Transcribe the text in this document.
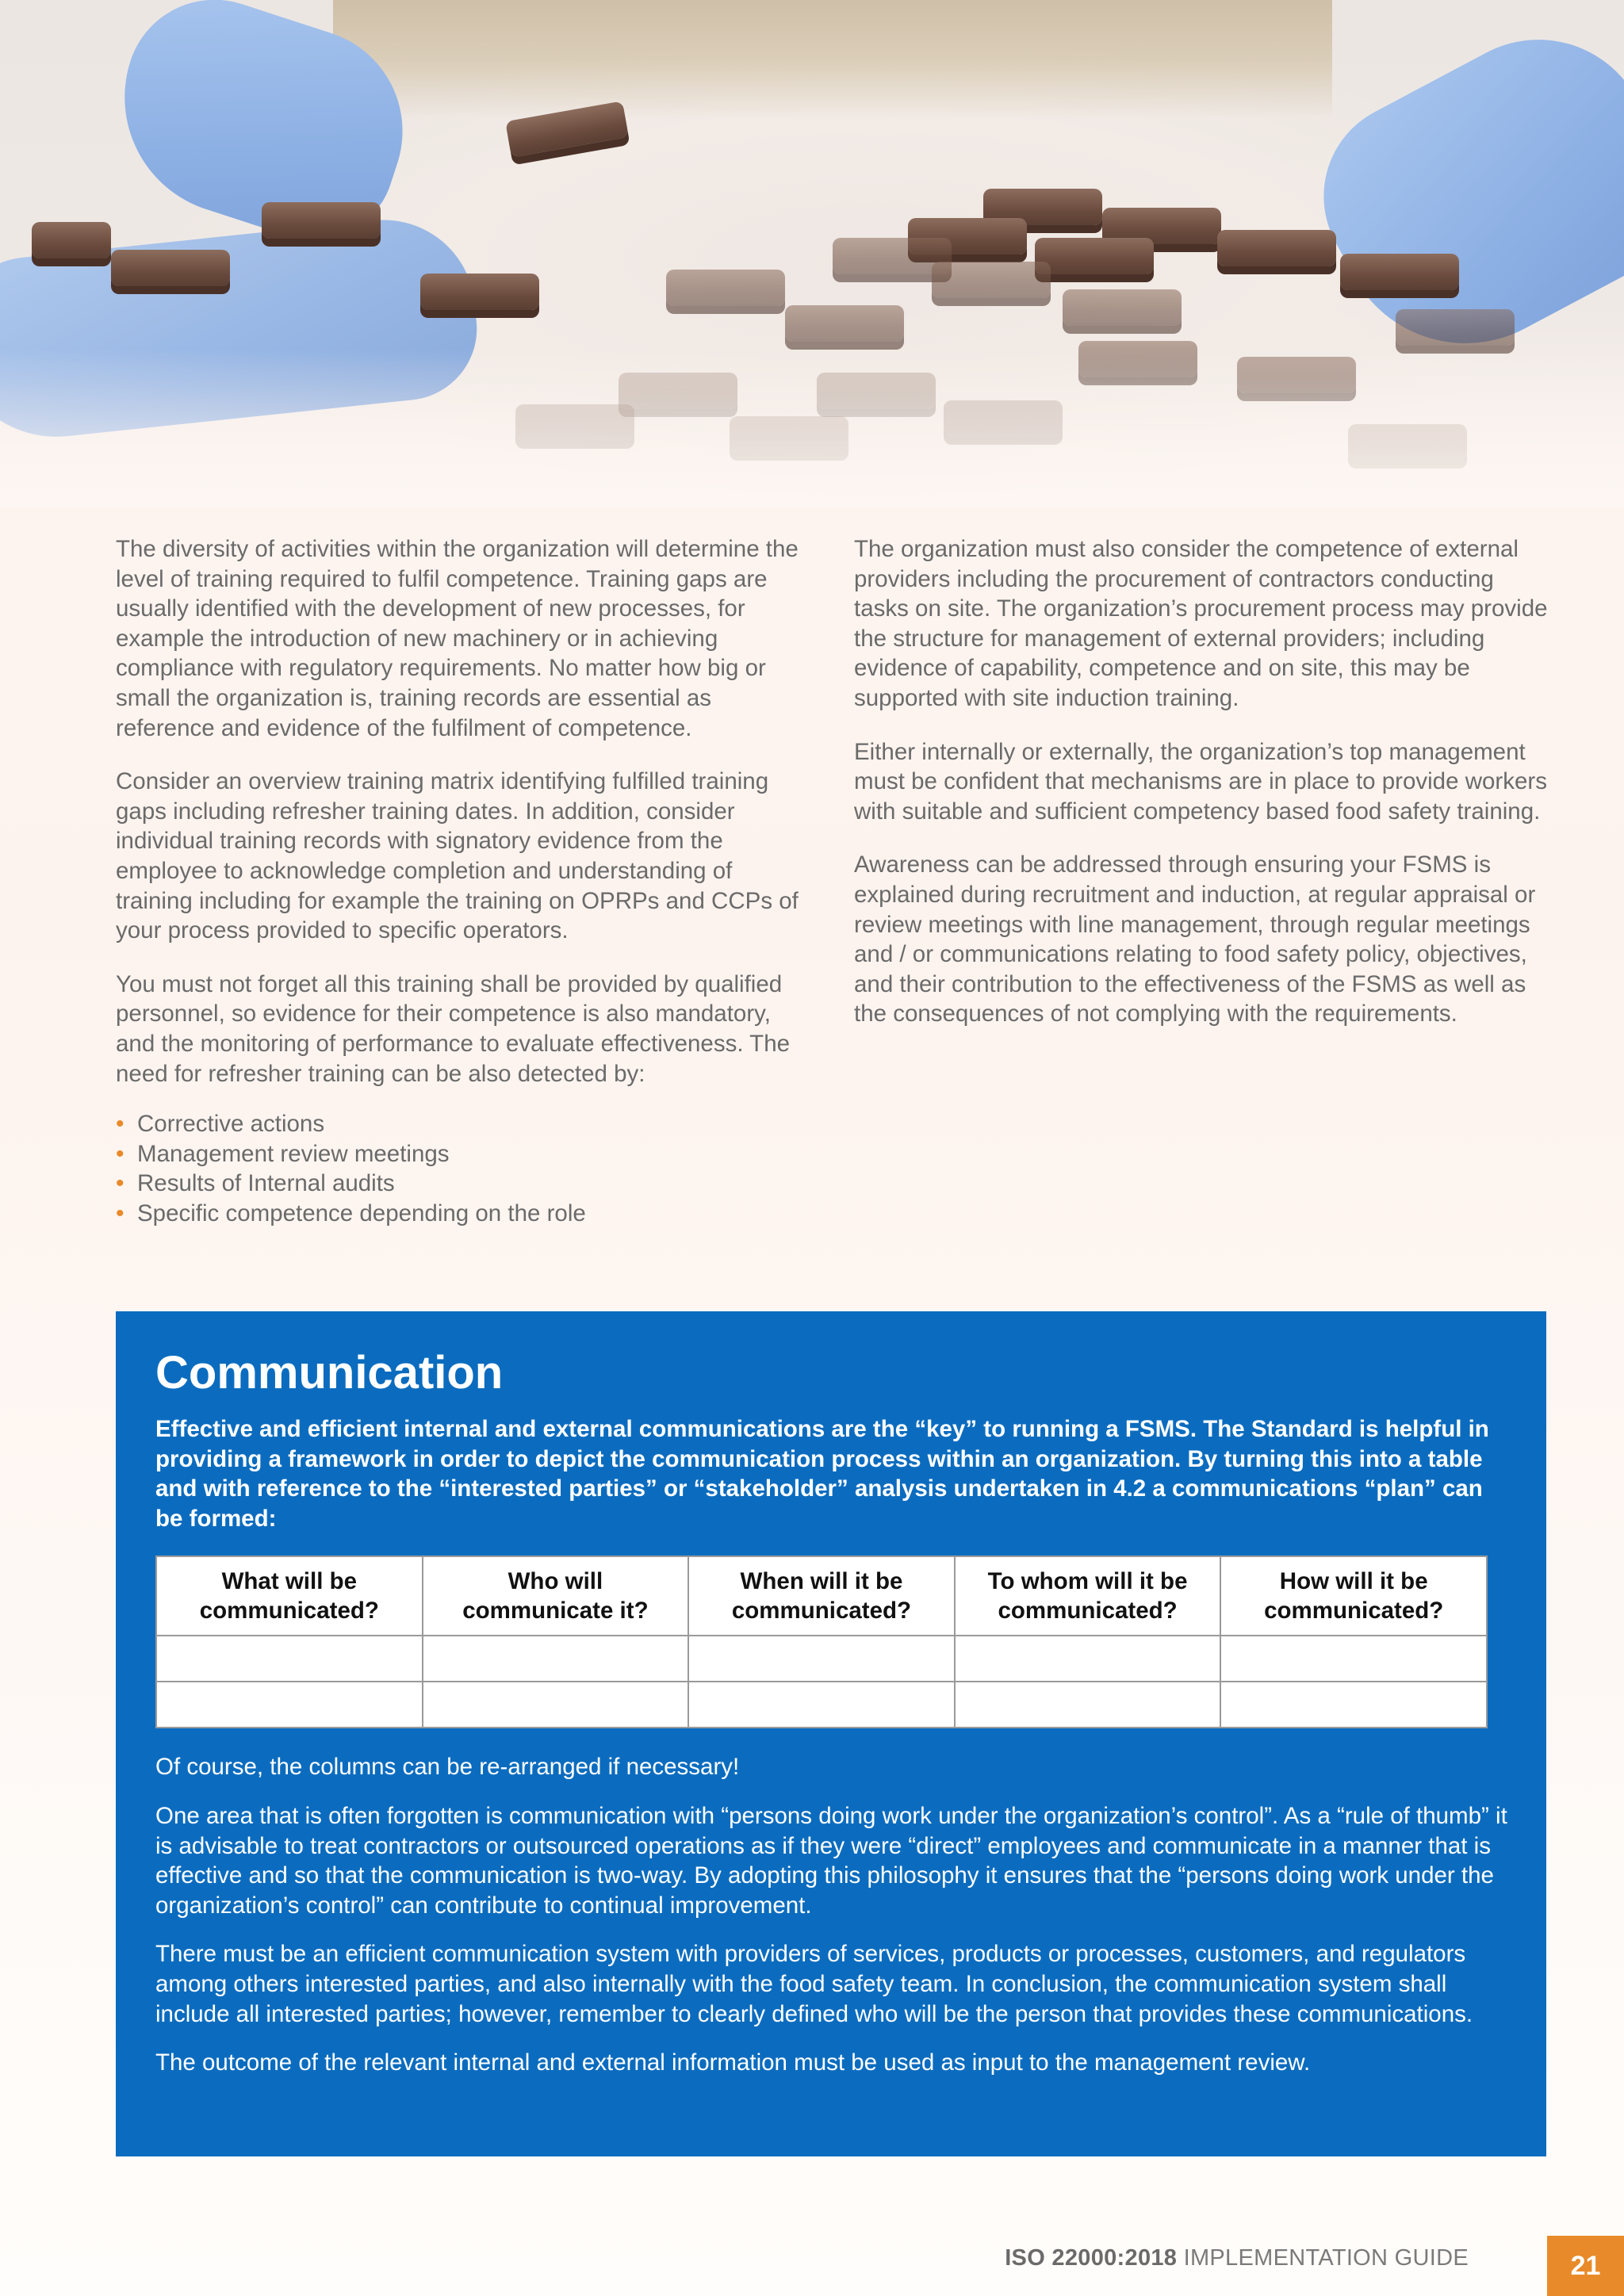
The diversity of activities within the organization will determine the level of training required to fulfil competence. Training gaps are usually identified with the development of new processes, for example the introduction of new machinery or in achieving compliance with regulatory requirements. No matter how big or small the organization is, training records are essential as reference and evidence of the fulfilment of competence.

Consider an overview training matrix identifying fulfilled training gaps including refresher training dates. In addition, consider individual training records with signatory evidence from the employee to acknowledge completion and understanding of training including for example the training on OPRPs and CCPs of your process provided to specific operators.

You must not forget all this training shall be provided by qualified personnel, so evidence for their competence is also mandatory, and the monitoring of performance to evaluate effectiveness. The need for refresher training can be also detected by:

• Corrective actions
• Management review meetings
• Results of Internal audits
• Specific competence depending on the role

The organization must also consider the competence of external providers including the procurement of contractors conducting tasks on site. The organization’s procurement process may provide the structure for management of external providers; including evidence of capability, competence and on site, this may be supported with site induction training.

Either internally or externally, the organization’s top management must be confident that mechanisms are in place to provide workers with suitable and sufficient competency based food safety training.

Awareness can be addressed through ensuring your FSMS is explained during recruitment and induction, at regular appraisal or review meetings with line management, through regular meetings and / or communications relating to food safety policy, objectives, and their contribution to the effectiveness of the FSMS as well as the consequences of not complying with the requirements.

Communication

Effective and efficient internal and external communications are the “key” to running a FSMS. The Standard is helpful in providing a framework in order to depict the communication process within an organization. By turning this into a table and with reference to the “interested parties” or “stakeholder” analysis undertaken in 4.2 a communications “plan” can be formed:

What will be communicated?	Who will communicate it?	When will it be communicated?	To whom will it be communicated?	How will it be communicated?

Of course, the columns can be re-arranged if necessary!

One area that is often forgotten is communication with “persons doing work under the organization’s control”. As a “rule of thumb” it is advisable to treat contractors or outsourced operations as if they were “direct” employees and communicate in a manner that is effective and so that the communication is two-way. By adopting this philosophy it ensures that the “persons doing work under the organization’s control” can contribute to continual improvement.

There must be an efficient communication system with providers of services, products or processes, customers, and regulators among others interested parties, and also internally with the food safety team. In conclusion, the communication system shall include all interested parties; however, remember to clearly defined who will be the person that provides these communications.

The outcome of the relevant internal and external information must be used as input to the management review.

ISO 22000:2018 IMPLEMENTATION GUIDE	21
